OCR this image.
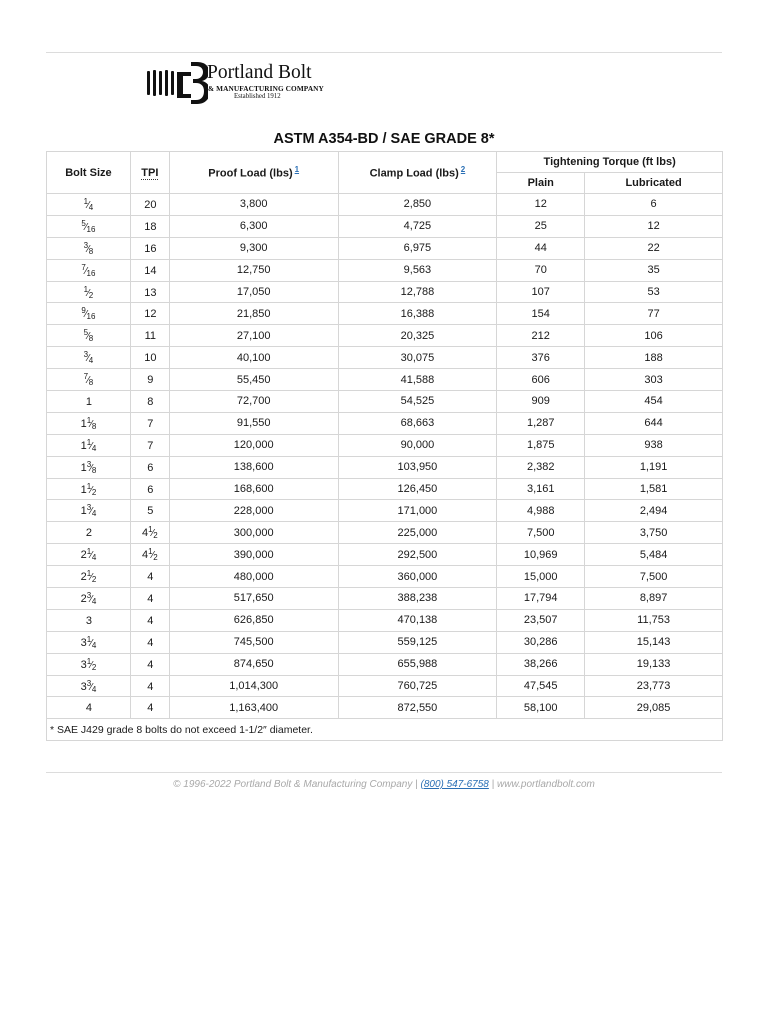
Portland Bolt
& MANUFACTURING COMPANY
Established 1912
ASTM A354-BD / SAE GRADE 8*
Bolt Size	TPI	Proof Load (lbs) $^1$	Clamp Load (lbs) $^2$	Tightening Torque (ft lbs)	
				Plain	Lubricated
$^1$⁄4	20	3,800	2,850	12	6
$^5$⁄16	18	6,300	4,725	25	12
$^3$⁄8	16	9,300	6,975	44	22
$^7$⁄16	14	12,750	9,563	70	35
$^1$⁄2	13	17,050	12,788	107	53
$^9$⁄16	12	21,850	16,388	154	77
$^5$⁄8	11	27,100	20,325	212	106
$^3$⁄4	10	40,100	30,075	376	188
$^7$⁄8	9	55,450	41,588	606	303
1	8	72,700	54,525	909	454
$1^1⁄8$	7	91,550	68,663	1,287	644
$1^1⁄4$	7	120,000	90,000	1,875	938
$1^3⁄8$	6	138,600	103,950	2,382	1,191
$1^1⁄2$	6	168,600	126,450	3,161	1,581
$1^3⁄4$	5	228,000	171,000	4,988	2,494
2	$4^1⁄2$	300,000	225,000	7,500	3,750
$2^1⁄4$	$4^1⁄2$	390,000	292,500	10,969	5,484
$2^1⁄2$	4	480,000	360,000	15,000	7,500
$2^3⁄4$	4	517,650	388,238	17,794	8,897
3	4	626,850	470,138	23,507	11,753
$3^1⁄4$	4	745,500	559,125	30,286	15,143
$3^1⁄2$	4	874,650	655,988	38,266	19,133
$3^3⁄4$	4	1,014,300	760,725	47,545	23,773
4	4	1,163,400	872,550	58,100	29,085
* SAE J429 grade 8 bolts do not exceed 1-1/2″ diameter.					
© 1996-2022 Portland Bolt & Manufacturing Company | (800) 547-6758 | www.portlandbolt.com
